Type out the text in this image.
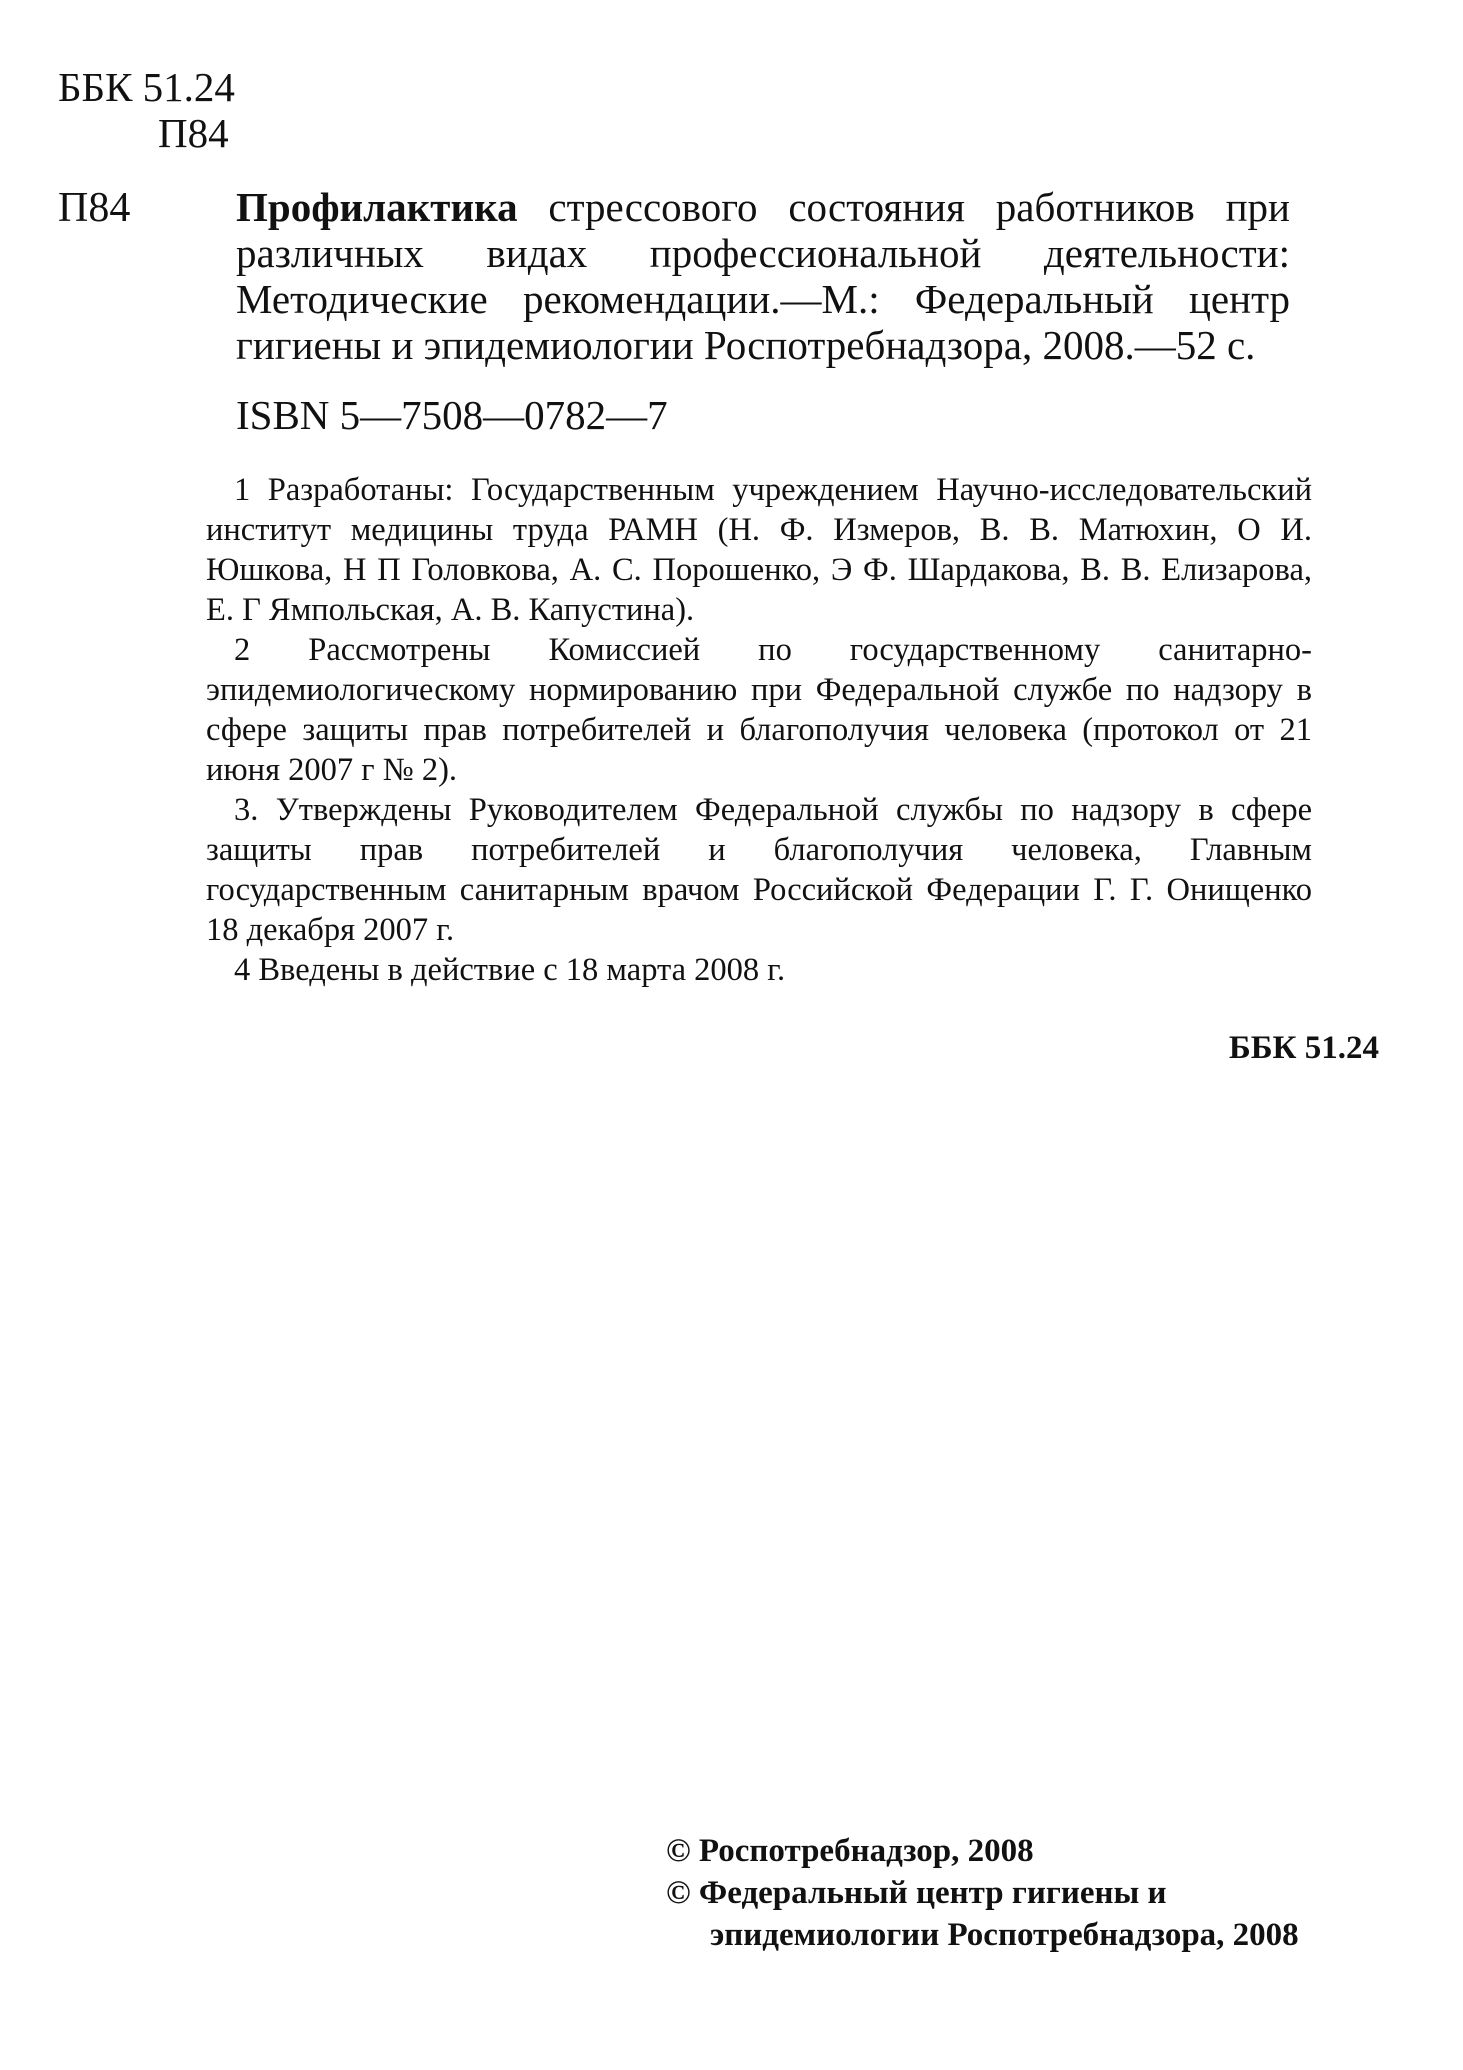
ББК 51.24
П84
П84	Профилактика стрессового состояния работников при различных видах профессиональной деятельности: Методические рекомендации.—М.: Федеральный центр гигиены и эпидемиологии Роспотребнадзора, 2008.—52 с.
ISBN 5—7508—0782—7

1 Разработаны: Государственным учреждением Научно-исследовательский институт медицины труда РАМН (Н. Ф. Измеров, В. В. Матюхин, О И. Юшкова, Н П Головкова, А. С. Порошенко, Э Ф. Шардакова, В. В. Елизарова, Е. Г Ямпольская, А. В. Капустина).

2 Рассмотрены Комиссией по государственному санитарно-эпидемиологическому нормированию при Федеральной службе по надзору в сфере защиты прав потребителей и благополучия человека (протокол от 21 июня 2007 г № 2).

3. Утверждены Руководителем Федеральной службы по надзору в сфере защиты прав потребителей и благополучия человека, Главным государственным санитарным врачом Российской Федерации Г. Г. Онищенко 18 декабря 2007 г.

4 Введены в действие с 18 марта 2008 г.

ББК 51.24
© Роспотребнадзор, 2008
© Федеральный центр гигиены и
эпидемиологии Роспотребнадзора, 2008
